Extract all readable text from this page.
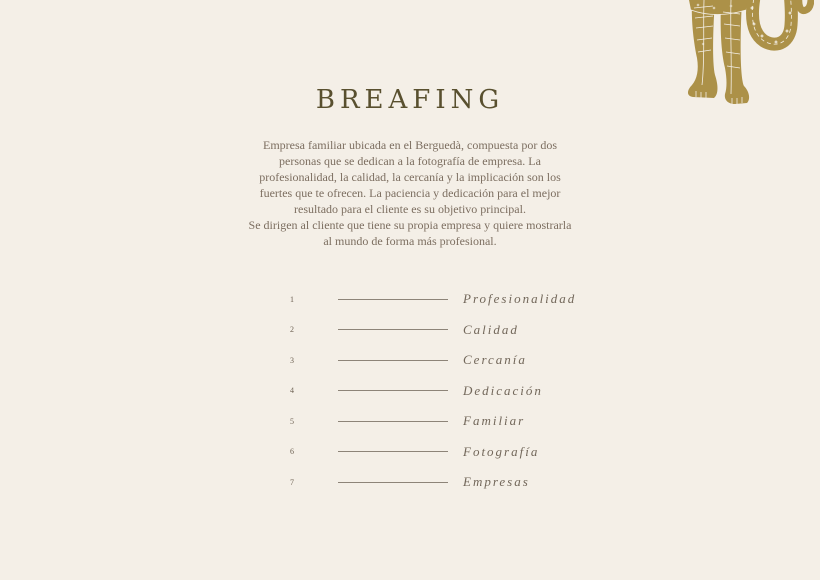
BREAFING

Empresa familiar ubicada en el Berguedà, compuesta por dos personas que se dedican a la fotografía de empresa. La profesionalidad, la calidad, la cercanía y la implicación son los fuertes que te ofrecen. La paciencia y dedicación para el mejor resultado para el cliente es su objetivo principal.

Se dirigen al cliente que tiene su propia empresa y quiere mostrarla al mundo de forma más profesional.

1	Profesionalidad
2	Calidad
3	Cercanía
4	Dedicación
5	Familiar
6	Fotografía
7	Empresas
